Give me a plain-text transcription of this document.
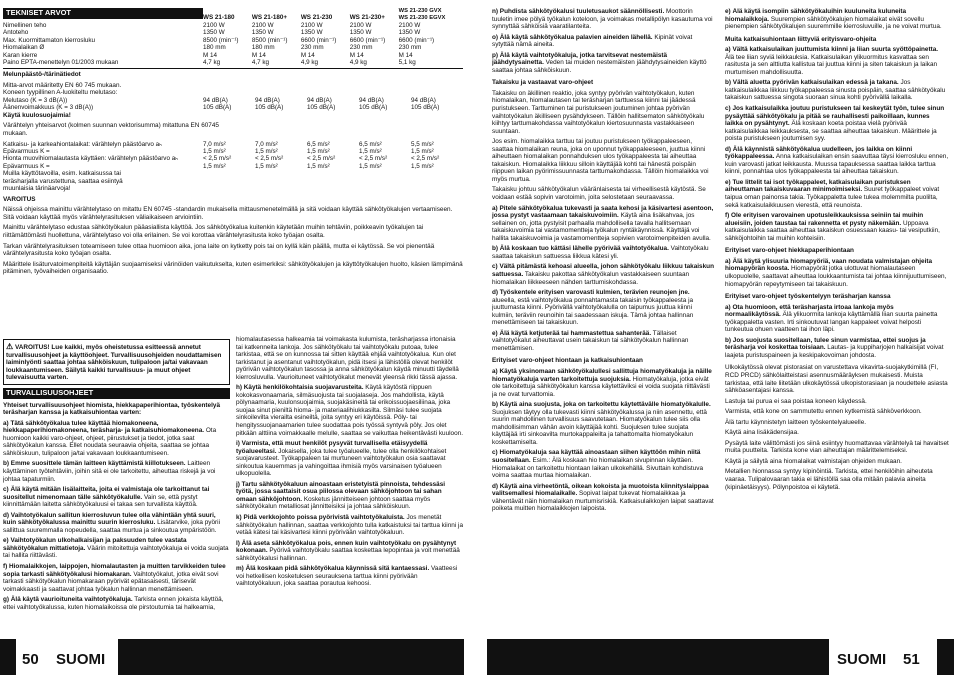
TEKNISET ARVOT	WS 21-180	WS 21-180+	WS 21-230	WS 21-230+	WS 21-230 GVX
WS 21-230 EGVX
Nimellinen teho	2100 W	2100 W	2100 W	2100 W	2100 W
Antoteho	1350 W	1350 W	1350 W	1350 W	1350 W
Max. Kuormittamaton kierrosluku	8500 (min⁻¹)	8500 (min⁻¹)	6600 (min⁻¹)	6600 (min⁻¹)	6600 (min⁻¹)
Hiomalaikan Ø	180 mm	180 mm	230 mm	230 mm	230 mm
Karan kierre	M 14	M 14	M 14	M 14	M 14
Paino EPTA-menettelyn 01/2003 mukaan	4,7 kg	4,7 kg	4,9 kg	4,9 kg	5,1 kg

Melunpäästö-/tärinätiedot

Mitta-arvot määritetty EN 60 745 mukaan.

Koneen tyypillinen A-luokiteltu melutaso:

Melutaso (K = 3 dB(A))	94 dB(A)	94 dB(A)	94 dB(A)	94 dB(A)	94 dB(A)
Äänenvoimakkuus (K = 3 dB(A))	105 dB(A)	105 dB(A)	105 dB(A)	105 dB(A)	105 dB(A)

Käytä kuulosuojaimia!

Värähtelyn yhteisarvot (kolmen suunnan vektorisumma) mitattuna EN 60745 mukaan.

Katkaisu- ja karkeahiontalaikat: värähtelyn päästöarvo aₕ	7,0 m/s²	7,0 m/s²	6,5 m/s²	6,5 m/s²	5,5 m/s²
Epävarmuus K =	1,5 m/s²	1,5 m/s²	1,5 m/s²	1,5 m/s²	1,5 m/s²
Hionta muovihiomalautasta käyttäen: värähtelyn päästöarvo aₕ	< 2,5 m/s²	< 2,5 m/s²	< 2,5 m/s²	< 2,5 m/s²	< 2,5 m/s²
Epävarmuus K =	1,5 m/s²	1,5 m/s²	1,5 m/s²	1,5 m/s²	1,5 m/s²

Muilla käyttötavoilla, esim. katkaisussa tai teräsharjalla varustettuna, saattaa esiintyä muunlaisia tärinäarvoja!

VAROITUS

Näissä ohjeissa mainittu värähtelytaso on mitattu EN 60745 -standardin mukaisella mittausmenetelmällä ja sitä voidaan käyttää sähkötyökalujen vertaamiseen. Sitä voidaan käyttää myös värähtelyrasituksen väliaikaiseen arviointiin.

Mainittu värähtelytaso edustaa sähkötyökalun pääasiallista käyttöä. Jos sähkötyökalua kuitenkin käytetään muihin tehtäviin, poikkeavin työkalujen tai riittämättömästi huollettuna, värähtelytaso voi olla erilainen. Se voi korottaa värähtelyrasitusta koko työajan osalta.

Tarkan värähtelyrasituksen toteamiseen tulee ottaa huomioon aika, jona laite on kytketty pois tai on kyllä käin päällä, mutta ei käytössä. Se voi pienentää värähtelyrasitusta koko työajan osalta.

Määrittele lisäturvatoimenpiteitä käyttäjän suojaamiseksi värinöiden vaikutukselta, kuten esimerkiksi: sähkötyökalujen ja käyttötyökalujen huolto, käsien lämpimänä pitäminen, työvaiheiden organisaatio.

⚠ VAROITUS! Lue kaikki, myös oheistetussa esitteessä annetut turvallisuusohjeet ja käyttöohjeet. Turvallisuusohjeiden noudattamisen laiminlyönti saattaa johtaa sähköiskuun, tulipaloon ja/tai vakavaan loukkaantumiseen. Säilytä kaikki turvallisuus- ja muut ohjeet tulevaisuutta varten.
TURVALLISUUSOHJEET

Yhteiset turvallisuusohjeet hiomista, hiekkapaperihiontaa, työskentelyä teräsharjan kanssa ja katkaisuhiontaa varten:

a) Tätä sähkötyökalua tulee käyttää hiomakoneena, hiekkapaperihiomakoneena, teräsharja- ja katkaisuhiomakoneena. Ota huomioon kaikki varo-ohjeet, ohjeet, piirustukset ja tiedot, jotka saat sähkötyökalun kanssa. Ellet noudata seuraavia ohjeita, saattaa se johtaa sähköiskuun, tulipaloon ja/tai vakavaan loukkaantumiseen.

b) Emme suosittele tämän laitteen käyttämistä kiillotukseen. Laitteen käyttäminen työtehtäviin, joihin sitä ei ole tarkoitettu, aiheuttaa riskejä ja voi johtaa tapaturmiin.

c) Älä käytä mitään lisälaitteita, joita ei valmistaja ole tarkoittanut tai suositellut nimenomaan tälle sähkötyökalulle. Vain se, että pystyt kiinnittämään laitetta sähkötyökaluusi ei takaa sen turvallista käyttöä.

d) Vaihtotyökalun sallitun kierrosluvun tulee olla vähintään yhtä suuri, kuin sähkötyökalussa mainittu suurin kierrosluku. Lisätarvike, joka pyörii sallittua suuremmalla nopeudella, saattaa murtua ja sinkoutua ympäristöön.

e) Vaihtotyökalun ulkohalkaisijan ja paksuuden tulee vastata sähkötyökalun mittatietoja. Väärin mitoitettuja vaihtotyökaluja ei voida suojata tai hallita riittävästi.

f) Hiomalaikkojen, laippojen, hiomalautasten ja muitten tarvikkeiden tulee sopia tarkasti sähkötyökalusi hiomakaran. Vaihtotyökalut, jotka eivät sovi tarkasti sähkötyökalun hiomakaraan pyörivät epätasaisesti, tärisevät voimakkaasti ja saattavat johtaa työkalun hallinnan menettämiseen.

g) Älä käytä vaurioituneita vaihtotyökaluja. Tarkista ennen jokaista käyttöä, ettei vaihtotyökalussa, kuten hiomalaikoissa ole pirstoutumia tai halkeamia,

hiomalautasessa halkeamia tai voimakasta kulumista, teräsharjassa irtonaisia tai katkenneita lankoja. Jos sähkötyökalu tai vaihtotyökalu putoaa, tulee tarkistaa, että se on kunnossa tai sitten käyttää ehjää vaihtotyökalua. Kun olet tarkistanut ja asentanut vaihtotyökalun, pidä itsesi ja lähistöllä olevat henkilöt pyörivän vaihtotyökalun tasossa ja anna sähkötyökalun käydä minuutti täydellä kierrosluvulla. Vaurioituneet vaihtotyökalut menevät yleensä rikki tässä ajassa.

h) Käytä henkilökohtaisia suojavarusteita. Käytä käytöstä riippuen kokokasvonaamaria, silmäsuojusta tai suojalaseja. Jos mahdollista, käytä pölynaamaria, kuulonsuojaimia, suojakäsineitä tai erikoissuojaesiliinaa, joka suojaa sinut pieniltä hioma- ja materiaalihiukkasilta. Silmäsi tulee suojata sinkoilevilta vierailta esineiltä, joita syntyy eri käytöissä. Pöly- tai hengityssuojanaamarien tulee suodattaa pois työssä syntyvä pöly. Jos olet pitkään alttiina voimakkaalle melulle, saattaa se vaikuttaa heikentävästi kuuloon.

i) Varmista, että muut henkilöt pysyvät turvallisella etäisyydellä työalueeltasi. Jokaisella, joka tulee työalueelle, tulee olla henkilökohtaiset suojavarusteet. Työkappaleen tai murtuneen vaihtotyökalun osia saattavat sinkoutua kauemmas ja vahingoittaa ihmisiä myös varsinaisen työalueen ulkopuolella.

j) Tartu sähkötyökaluun ainoastaan eristetyistä pinnoista, tehdessäsi työtä, jossa saattaisit osua piilossa olevaan sähköjohtoon tai sahan omaan sähköjohtoon. Kosketus jännitteiseen johtoon saattaa myös sähkötyökalun metalliosat jännitteisiksi ja johtaa sähköiskuun.

k) Pidä verkkojohto poissa pyörivistä vaihtotyökaluista. Jos menetät sähkötyökalun hallinnan, saattaa verkkojohto tulla katkaistuksi tai tarttua kiinni ja vetää kätesi tai käsivartesi kiinni pyörivään vaihtotyökaluun.

l) Älä aseta sähkötyökalua pois, ennen kuin vaihtotyökalu on pysähtynyt kokonaan. Pyörivä vaihtotyökalu saattaa koskettaa lepopintaa ja voit menettää sähkötyökalusi hallinnan.

m) Älä koskaan pidä sähkötyökalua käynnissä sitä kantaessasi. Vaatteesi voi hetkellisen kosketuksen seurauksena tarttua kiinni pyörivään vaihtotyökaluun, joka saattaa porautua kehoosi.

n) Puhdista sähkötyökalusi tuuletusaukot säännöllisesti. Moottorin tuuletin imee pölyä työkalun koteloon, ja voimakas metallipölyn kasautuma voi synnyttää sähköisiä vaaratilanteita.

o) Älä käytä sähkötyökalua palavien aineiden lähellä. Kipinät voivat sytyttää nämä aineita.

p) Älä käytä vaihtotyökaluja, jotka tarvitsevat nestemäistä jäähdytysainetta. Veden tai muiden nestemäisten jäähdytysaineiden käyttö saattaa johtaa sähköiskuun.

Takaisku ja vastaavat varo-ohjeet

Takaisku on äkillinen reaktio, joka syntyy pyörivän vaihtotyökalun, kuten hiomalaikan, hiomalautasen tai teräsharjan tarttuessa kiinni tai jäädessä puristukseen. Tarttuminen tai puristukseen joutuminen johtaa pyörivän vaihtotyökalun äkilliseen pysähdykseen. Tällöin hallitsematon sähkötyökalu kiihtyy tarttumakohdassa vaihtotyökalun kiertosuunnasta vastakkaiseen suuntaan.

Jos esim. hiomalaikka tarttuu tai joutuu puristukseen työkappaleeseen, saattaa hiomalaikan reuna, joka on uponnut työkappaleeseen, juuttua kiinni aiheuttaen hiomalaikan ponnahduksen ulos työkappaleesta tai aiheuttaa takaiskun. Hiomalaikka liikkuu silloin käyttäjää kohti tai hänestä poispäin riippuen laikan pyörimissuunnasta tarttumakohdassa. Tällöin hiomalaikka voi myös murtua.

Takaisku johtuu sähkötyökalun vääränlaisesta tai virheellisestä käytöstä. Se voidaan estää sopivin varotoimin, joita selostetaan seuraavassa.

a) Pitele sähkötyökalua tukevasti ja saata kehosi ja käsivartesi asentoon, jossa pystyt vastaamaan takaiskuvoimiin. Käytä aina lisäkahvaa, jos sellainen on, jotta pystyisit parhaalla mahdollisella tavalla hallitsemaan takaiskuvoimia tai vastamomentteja työkalun ryntäkäynnissä. Käyttäjä voi hallita takaiskuvoimia ja vastamomentteja sopivien varotoimenpiteiden avulla.

b) Älä koskaan tuo kättäsi lähelle pyörivää vaihtotyökalua. Vaihtotyökalu saattaa takaiskun sattuessa liikkua kätesi yli.

c) Vältä pitämästä kehoasi alueella, johon sähkötyökalu liikkuu takaiskun sattuessa. Takaisku pakottaa sähkötyökalun vastakkaiseen suuntaan hiomalaikan liikkeeseen nähden tarttumiskohdassa.

d) Työskentele erityisen varovasti kulmien, terävien reunojen jne. alueella, estä vaihtotyökalua ponnahtamasta takaisin työkappaleesta ja juuttumasta kiinni. Pyörivällä vaihtotyökalulla on taipumus juuttua kiinni kulmiin, teräviin reunoihin tai saadessaan iskuja. Tämä johtaa hallinnan menettämiseen tai takaiskuun.

e) Älä käytä ketjuterää tai hammastettua sahanterää. Tällaiset vaihtotyökalut aiheuttavat usein takaiskun tai sähkötyökalun hallinnan menettämisen.

Erityiset varo-ohjeet hiontaan ja katkaisuhiontaan

a) Käytä yksinomaan sähkötyökalullesi sallittuja hiomatyökaluja ja näille hiomatyökaluja varten tarkoitettuja suojuksia. Hiomatyökaluja, jotka eivät ole tarkoitettuja sähkötyökalun kanssa käytettäviksi ei voida suojata riittävästi ja ne ovat turvattomia.

b) Käytä aina suojusta, joka on tarkoitettu käytettävälle hiomatyökalulle. Suojuksen täytyy olla tukevasti kiinni sähkötyökalussa ja niin asennettu, että suurin mahdollinen turvallisuus saavutetaan. Hiomatyökalun tulee siis olla mahdollisimman vähän avoin käyttäjää kohti. Suojuksen tulee suojata käyttäjää irti sinkoavilta murtokappaleilta ja tahattomalta hiomatyökalun koskettamiselta.

c) Hiomatyökaluja saa käyttää ainoastaan siihen käyttöön mihin niitä suositellaan. Esim.: Älä koskaan hio hiomalaikan sivupinnan käyttäen. Hiomalaikat on tarkoitettu hiontaan laikan ulkokehällä. Sivuttain kohdistuva voima saattaa murtaa hiomalaikan.

d) Käytä aina virheetöntä, oikean kokoista ja muotoista kiinnityslaippaa valitsemallesi hiomalaikalle. Sopivat laipat tukevat hiomalaikkaa ja vähentävät näin hiomalaikan murtumisriskiä. Katkaisulaikkojen laipat saattavat poiketa muitten hiomalaikkojen laipoista.

e) Älä käytä isompiin sähkötyökaluihin kuuluneita kuluneita hiomalaikkoja. Suurempien sähkötyökalujen hiomalaikat eivät sovellu pienempien sähkötyökalujen suuremmille kierrosluvuille, ja ne voivat murtua.

Muita katkaisuhiontaan liittyviä erityisvaro-ohjeita

a) Vältä katkaisulaikan juuttumista kiinni ja liian suurta syöttöpainetta. Älä tee liian syviä leikkauksia. Katkaisulaikan ylikuormitus kasvattaa sen rasitusta ja sen alttiutta kallistua tai juuttua kiinni ja siten takaiskun ja laikan murtumisen mahdollisuutta.

b) Vältä aluetta pyörivän katkaisulaikan edessä ja takana. Jos katkaisulaikkaa liikkuu työkappaleessa sinusta poispäin, saattaa sähkötyökalu takaiskun sattuessa singota suoraan sinua kohti pyörivällä laikalla.

c) Jos katkaisulaikka joutuu puristukseen tai keskeytät työn, tulee sinun pysäyttää sähkötyökalu ja pitää se rauhallisesti paikoillaan, kunnes laikka on pysähtynyt. Älä koskaan koeta poistaa vielä pyörivää katkaisulaikkaa leikkauksesta, se saattaa aiheuttaa takaiskun. Määrittele ja poista puristukseen joutumisen syy.

d) Älä käynnistä sähkötyökalua uudelleen, jos laikka on kiinni työkappaleessa. Anna katkaisulaikan ensin saavuttaa täysi kierrosluku ennen, kuin varovasti jatkat leikkausta. Muussa tapauksessa saattaa laikka tarttua kiinni, ponnahtaa ulos työkappaleesta tai aiheuttaa takaiskun.

e) Tue littelit tai isot työkappaleet, katkaisulaikan puristuksen aiheuttaman takaiskuvaaran minimoimiseksi. Suuret työkappaleet voivat taipua oman painonsa takia. Työkappaletta tulee tukea molemmilta puolilta, sekä katkaisulaikkuusen vierestä, että reunoista.

f) Ole erityisen varovainen upotusleikkauksissa seiniin tai muihin alueisiin, joiden taustaa tai rakennetta et pysty näkemään. Uppoava katkaisulaikka saattaa aiheuttaa takaiskun osuessaan kaasu- tai vesiputkiin, sähköjohtoihin tai muihin kohteisiin.

Erityiset varo-ohjeet hiekkapaperihiontaan

a) Älä käytä ylisuuria hiomapyöriä, vaan noudata valmistajan ohjeita hiomapyörän koosta. Hiomapyörät jotka ulottuvat hiomalautaseen ulkopuolelle, saattavat aiheuttaa loukkaantumista tai johtaa kiinnijuuttumiseen, hiomapyörän repeytymiseen tai takaiskuun.

Erityiset varo-ohjeet työskentelyyn teräsharjan kanssa

a) Ota huomioon, että teräsharjasta irtoaa lankoja myös normaalikäytössä. Älä ylikuormita lankoja käyttämällä liian suurta painetta työkappaletta vasten. Irti sinkoutuvat langan kappaleet voivat helposti tunkeutua ohuen vaatteen tai ihon läpi.

b) Jos suojusta suositellaan, tulee sinun varmistaa, ettei suojus ja teräsharja voi koskettaa toisiaan. Lautas- ja kuppiharjojen halkaisijat voivat laajeta puristuspaineen ja keskipakovoiman johdosta.

Ulkokäytössä olevat pistorasiat on varustettava vikavirta-suojakytkimillä (FI, RCD PRCD) sähkölaitteistasi asennusmääräyksen mukaisesti. Muista tarkistaa, että laite liitetään ulkokäytössä ulkopistorasiaan ja noudettele asiasta sähköasentajasi kanssa.

Lastuja tai purua ei saa poistaa koneen käydessä.

Varmista, että kone on sammutettu ennen kytkemistä sähköverkkoon.

Älä tartu käynnistetyn laitteen työskentelyalueelle.

Käytä aina lisäkädensijaa.

Pysäytä laite välittömästi jos siinä esiintyy huomattavaa värähtelyä tai havaitset muita puutteita. Tarkista kone vian aiheuttajan määrittelemiseksi.

Käytä ja säilytä aina hiomalaikat valmistajan ohjeiden mukaan.

Metallien hionnassa syntyy kipinöintiä. Tarkista, ettei henkilöihin aiheuteta vaaraa. Tulipalovaaran takia ei lähistöllä saa olla mitään palavia aineita (kipinäetäisyys). Pölynpoistoa ei käytetä.

50 SUOMI	SUOMI 51
